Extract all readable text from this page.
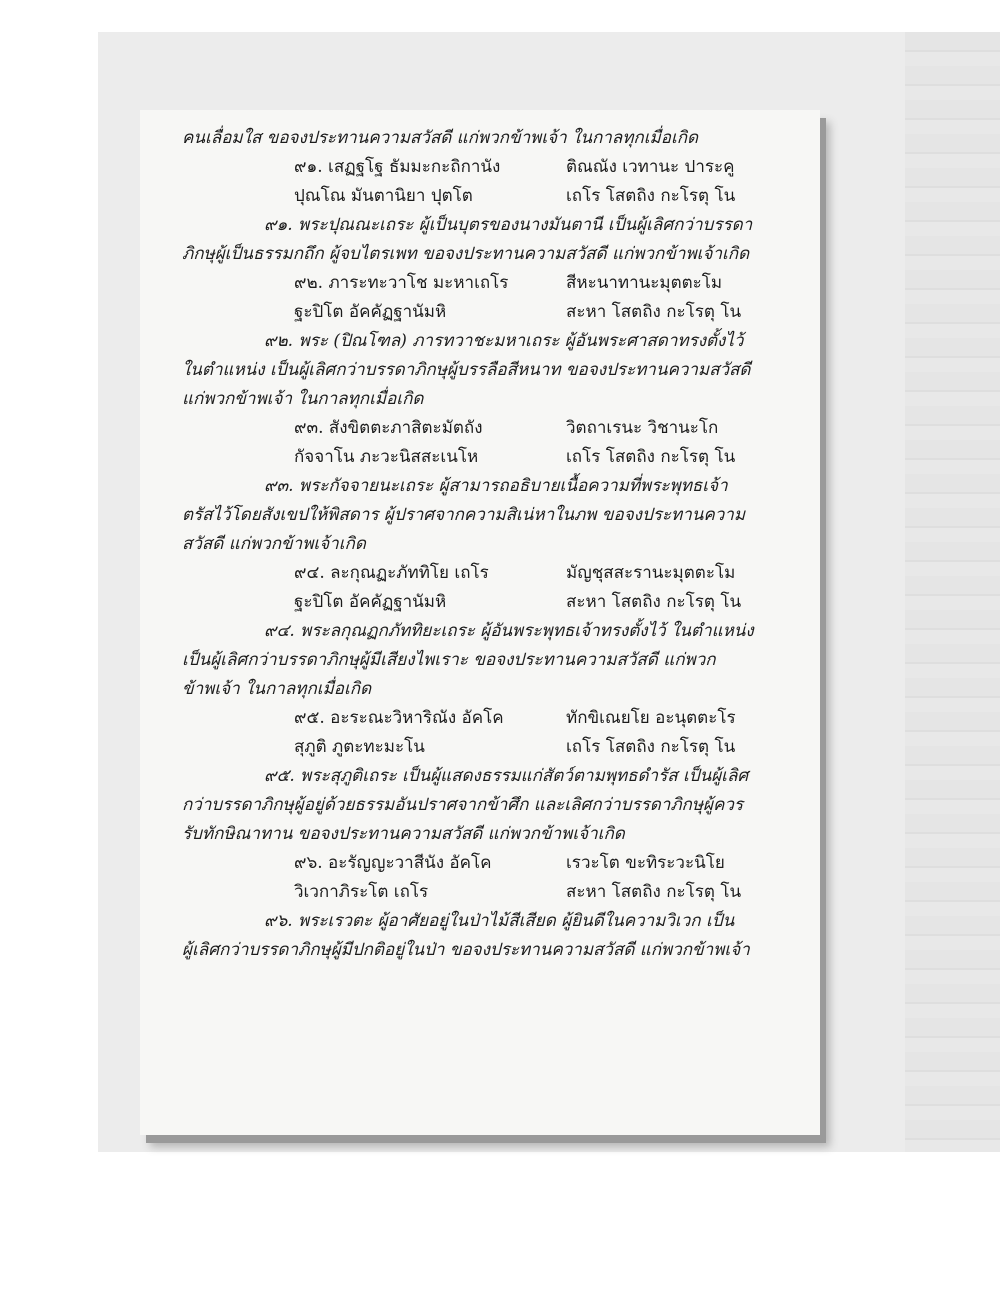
คนเลื่อมใส ขอจงประทานความสวัสดี แก่พวกข้าพเจ้า ในกาลทุกเมื่อเกิด
๙๑. เสฏฐโฐ ธัมมะกะถิกานัง	ติณณัง เวทานะ ปาระคู
ปุณโณ มันตานิยา ปุตโต	เถโร โสตถิง กะโรตุ โน
๙๑. พระปุณณะเถระ ผู้เป็นบุตรของนางมันตานี เป็นผู้เลิศกว่าบรรดา
ภิกษุผู้เป็นธรรมกถึก ผู้จบไตรเพท ขอจงประทานความสวัสดี แก่พวกข้าพเจ้าเกิด
๙๒. ภาระทะวาโช มะหาเถโร	สีหะนาทานะมุตตะโม
ฐะปิโต อัคคัฏฐานัมหิ	สะหา โสตถิง กะโรตุ โน
๙๒. พระ (ปิณโฑล) ภารทวาชะมหาเถระ ผู้อันพระศาสดาทรงตั้งไว้
ในตำแหน่ง เป็นผู้เลิศกว่าบรรดาภิกษุผู้บรรลือสีหนาท ขอจงประทานความสวัสดี
แก่พวกข้าพเจ้า ในกาลทุกเมื่อเกิด
๙๓. สังขิตตะภาสิตะมัตถัง	วิตถาเรนะ วิชานะโก
กัจจาโน ภะวะนิสสะเนโห	เถโร โสตถิง กะโรตุ โน
๙๓. พระกัจจายนะเถระ ผู้สามารถอธิบายเนื้อความที่พระพุทธเจ้า
ตรัสไว้โดยสังเขปให้พิสดาร ผู้ปราศจากความสิเน่หาในภพ ขอจงประทานความ
สวัสดี แก่พวกข้าพเจ้าเกิด
๙๔. ละกุณฏะภัททิโย เถโร	มัญชุสสะรานะมุตตะโม
ฐะปิโต อัคคัฏฐานัมหิ	สะหา โสตถิง กะโรตุ โน
๙๔. พระลกุณฏกภัททิยะเถระ ผู้อันพระพุทธเจ้าทรงตั้งไว้ ในตำแหน่ง
เป็นผู้เลิศกว่าบรรดาภิกษุผู้มีเสียงไพเราะ ขอจงประทานความสวัสดี แก่พวก
ข้าพเจ้า ในกาลทุกเมื่อเกิด
๙๕. อะระณะวิหาริณัง อัคโค	ทักขิเณยโย อะนุตตะโร
สุภูติ ภูตะทะมะโน	เถโร โสตถิง กะโรตุ โน
๙๕. พระสุภูติเถระ เป็นผู้แสดงธรรมแก่สัตว์ตามพุทธดำรัส เป็นผู้เลิศ
กว่าบรรดาภิกษุผู้อยู่ด้วยธรรมอันปราศจากข้าศึก และเลิศกว่าบรรดาภิกษุผู้ควร
รับทักษิณาทาน ขอจงประทานความสวัสดี แก่พวกข้าพเจ้าเกิด
๙๖. อะรัญญะวาสีนัง อัคโค	เรวะโต ขะทิระวะนิโย
วิเวกาภิระโต เถโร	สะหา โสตถิง กะโรตุ โน
๙๖. พระเรวตะ ผู้อาศัยอยู่ในป่าไม้สีเสียด ผู้ยินดีในความวิเวก เป็น
ผู้เลิศกว่าบรรดาภิกษุผู้มีปกติอยู่ในป่า ขอจงประทานความสวัสดี แก่พวกข้าพเจ้า
